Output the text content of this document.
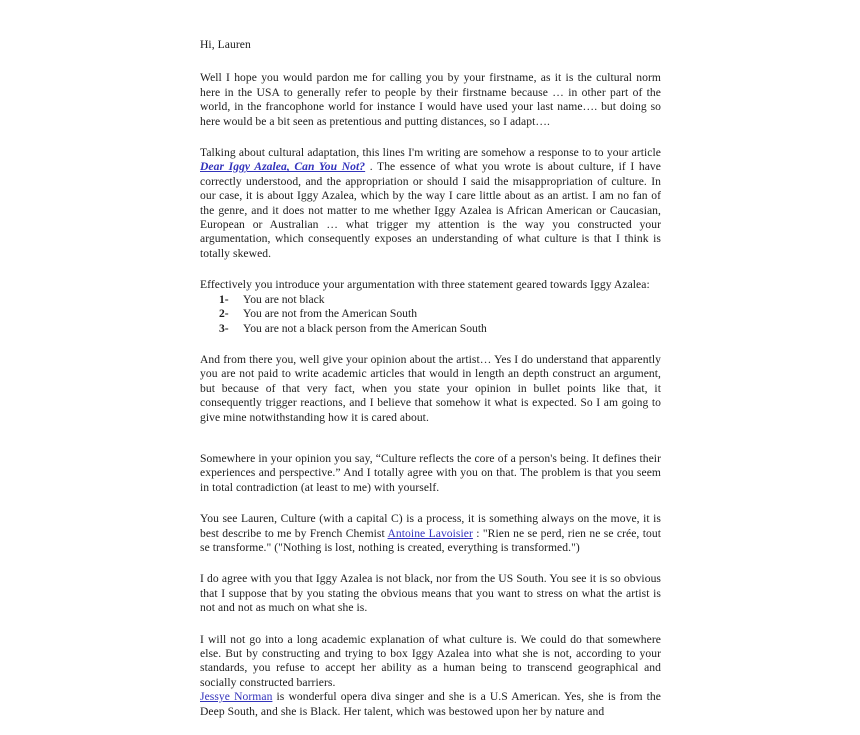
Hi, Lauren

Well I hope you would pardon me for calling you by your firstname, as it is the cultural norm here in the USA to generally refer to people by their firstname because … in other part of the world, in the francophone world for instance I would have used your last name…. but doing so here would be a bit seen as pretentious and putting distances, so I adapt….

Talking about cultural adaptation, this lines I'm writing are somehow a response to to your article Dear Iggy Azalea, Can You Not? . The essence of what you wrote is about culture, if I have correctly understood, and the appropriation or should I said the misappropriation of culture. In our case, it is about Iggy Azalea, which by the way I care little about as an artist. I am no fan of the genre, and it does not matter to me whether Iggy Azalea is African American or Caucasian, European or Australian … what trigger my attention is the way you constructed your argumentation, which consequently exposes an understanding of what culture is that I think is totally skewed.

Effectively you introduce your argumentation with three statement geared towards Iggy Azalea:

1- You are not black
2- You are not from the American South
3- You are not a black person from the American South

And from there you, well give your opinion about the artist… Yes I do understand that apparently you are not paid to write academic articles that would in length an depth construct an argument, but because of that very fact, when you state your opinion in bullet points like that, it consequently trigger reactions, and I believe that somehow it what is expected. So I am going to give mine notwithstanding how it is cared about.

Somewhere in your opinion you say, “Culture reflects the core of a person's being. It defines their experiences and perspective.” And I totally agree with you on that. The problem is that you seem in total contradiction (at least to me) with yourself.

You see Lauren, Culture (with a capital C) is a process, it is something always on the move, it is best describe to me by French Chemist Antoine Lavoisier : "Rien ne se perd, rien ne se crée, tout se transforme." ("Nothing is lost, nothing is created, everything is transformed.")

I do agree with you that Iggy Azalea is not black, nor from the US South. You see it is so obvious that I suppose that by you stating the obvious means that you want to stress on what the artist is not and not as much on what she is.

I will not go into a long academic explanation of what culture is. We could do that somewhere else. But by constructing and trying to box Iggy Azalea into what she is not, according to your standards, you refuse to accept her ability as a human being to transcend geographical and socially constructed barriers.

Jessye Norman is wonderful opera diva singer and she is a U.S American. Yes, she is from the Deep South, and she is Black. Her talent, which was bestowed upon her by nature and
